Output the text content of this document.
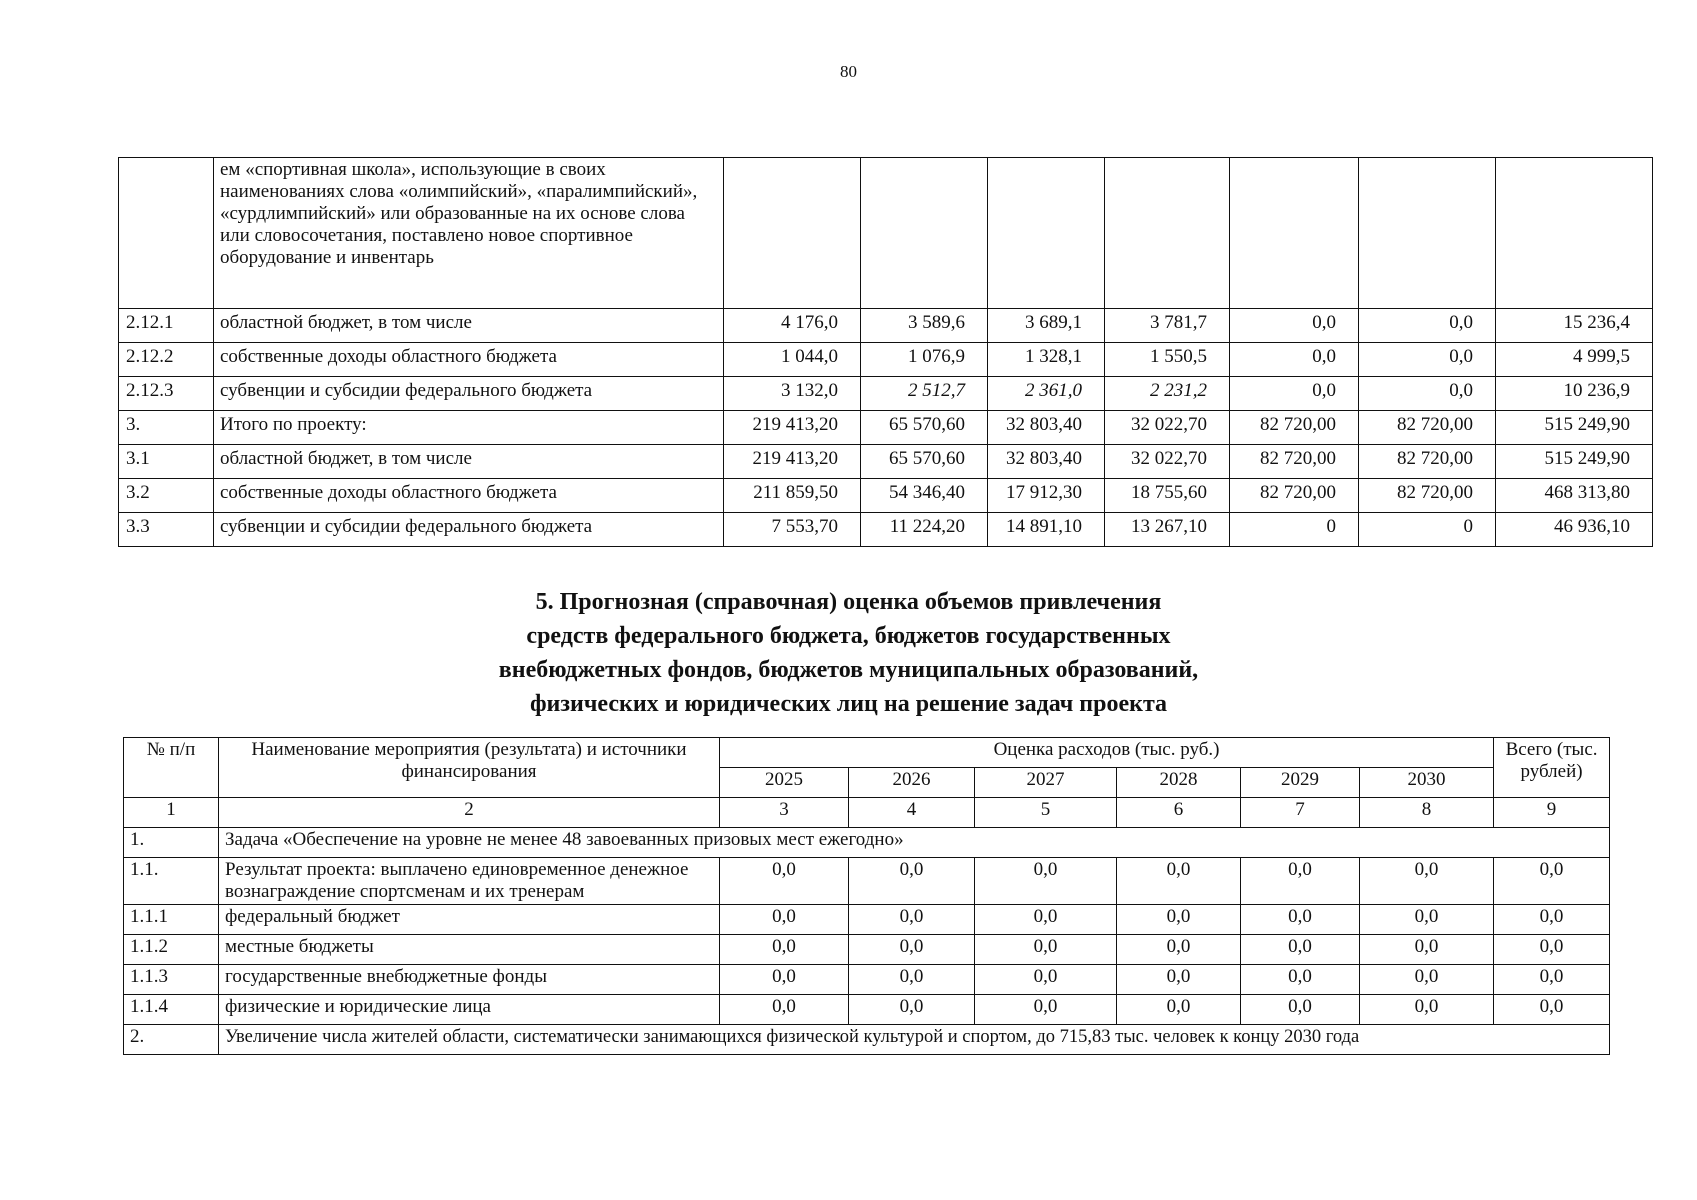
80
	ем «спортивная школа», использующие в своих наименованиях слова «олимпийский», «паралимпийский», «сурдлимпийский» или образованные на их основе слова или словосочетания, поставлено новое спортивное оборудование и инвентарь							
2.12.1	областной бюджет, в том числе	4 176,0	3 589,6	3 689,1	3 781,7	0,0	0,0	15 236,4
2.12.2	собственные доходы областного бюджета	1 044,0	1 076,9	1 328,1	1 550,5	0,0	0,0	4 999,5
2.12.3	субвенции и субсидии федерального бюджета	3 132,0	2 512,7	2 361,0	2 231,2	0,0	0,0	10 236,9
3.	Итого по проекту:	219 413,20	65 570,60	32 803,40	32 022,70	82 720,00	82 720,00	515 249,90
3.1	областной бюджет, в том числе	219 413,20	65 570,60	32 803,40	32 022,70	82 720,00	82 720,00	515 249,90
3.2	собственные доходы областного бюджета	211 859,50	54 346,40	17 912,30	18 755,60	82 720,00	82 720,00	468 313,80
3.3	субвенции и субсидии федерального бюджета	7 553,70	11 224,20	14 891,10	13 267,10	0	0	46 936,10
5. Прогнозная (справочная) оценка объемов привлечения
средств федерального бюджета, бюджетов государственных
внебюджетных фондов, бюджетов муниципальных образований,
физических и юридических лиц на решение задач проекта
№ п/п	Наименование мероприятия (результата) и источники финансирования	Оценка расходов (тыс. руб.)						Всего (тыс. рублей)
		2025	2026	2027	2028	2029	2030	
1	2	3	4	5	6	7	8	9
1.	Задача «Обеспечение на уровне не менее 48 завоеванных призовых мест ежегодно»							
1.1.	Результат проекта: выплачено единовременное денежное вознаграждение спортсменам и их тренерам	0,0	0,0	0,0	0,0	0,0	0,0	0,0
1.1.1	федеральный бюджет	0,0	0,0	0,0	0,0	0,0	0,0	0,0
1.1.2	местные бюджеты	0,0	0,0	0,0	0,0	0,0	0,0	0,0
1.1.3	государственные внебюджетные фонды	0,0	0,0	0,0	0,0	0,0	0,0	0,0
1.1.4	физические и юридические лица	0,0	0,0	0,0	0,0	0,0	0,0	0,0
2.	Увеличение числа жителей области, систематически занимающихся физической культурой и спортом, до 715,83 тыс. человек к концу 2030 года							
